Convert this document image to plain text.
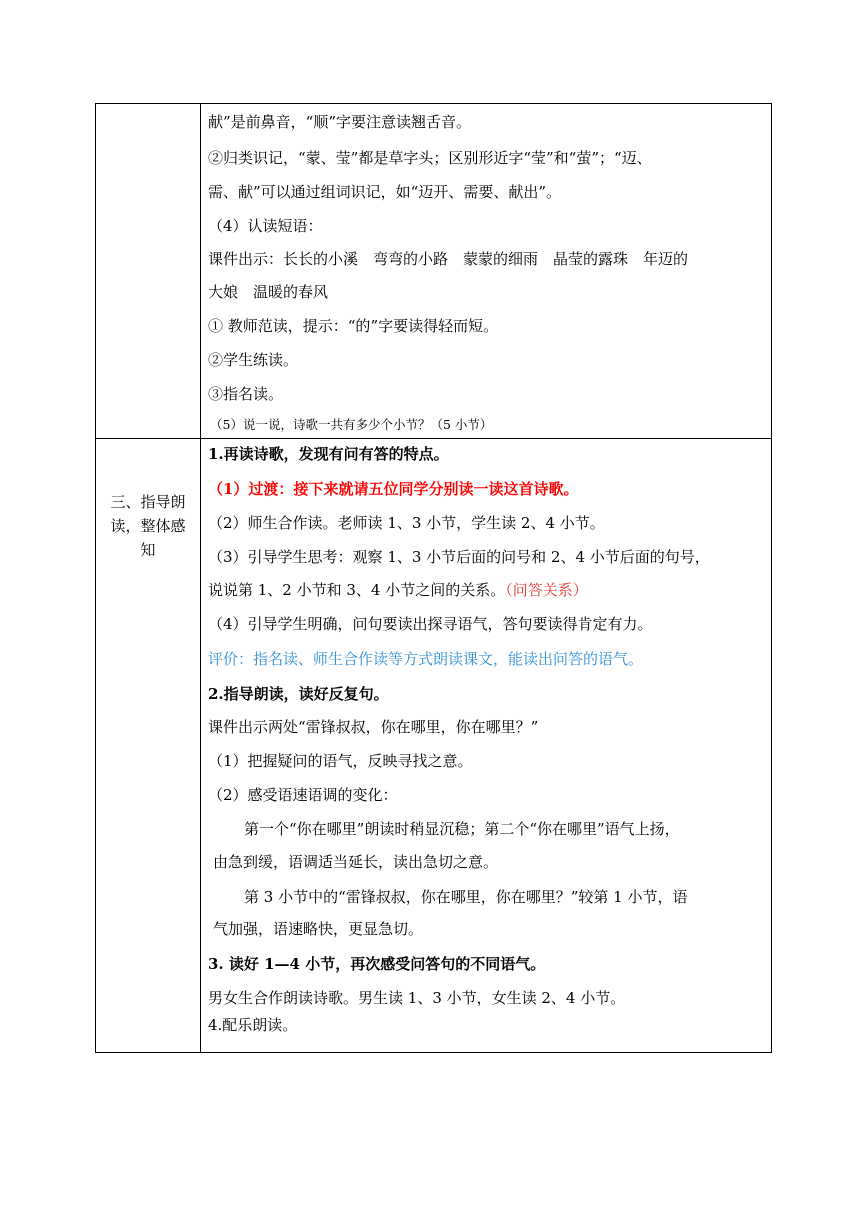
三、指导朗
读，整体感
知
献”是前鼻音，“顺”字要注意读翘舌音。
②归类识记，“蒙、莹”都是草字头；区别形近字“莹”和“萤”；“迈、
需、献”可以通过组词识记，如“迈开、需要、献出”。
（4）认读短语：
课件出示：长长的小溪　弯弯的小路　蒙蒙的细雨　晶莹的露珠　年迈的
大娘　温暖的春风
① 教师范读，提示：“的”字要读得轻而短。
②学生练读。
③指名读。
（5）说一说，诗歌一共有多少个小节？（5 小节）
1.再读诗歌，发现有问有答的特点。
（1）过渡：接下来就请五位同学分别读一读这首诗歌。
（2）师生合作读。老师读 1、3 小节，学生读 2、4 小节。
（3）引导学生思考：观察 1、3 小节后面的问号和 2、4 小节后面的句号，
说说第 1、2 小节和 3、4 小节之间的关系。（问答关系）
（4）引导学生明确，问句要读出探寻语气，答句要读得肯定有力。
评价：指名读、师生合作读等方式朗读课文，能读出问答的语气。
2.指导朗读，读好反复句。
课件出示两处“雷锋叔叔，你在哪里，你在哪里？”
（1）把握疑问的语气，反映寻找之意。
（2）感受语速语调的变化：
第一个“你在哪里”朗读时稍显沉稳；第二个“你在哪里”语气上扬，
由急到缓，语调适当延长，读出急切之意。
第 3 小节中的“雷锋叔叔，你在哪里，你在哪里？”较第 1 小节，语
气加强，语速略快，更显急切。
3. 读好 1—4 小节，再次感受问答句的不同语气。
男女生合作朗读诗歌。男生读 1、3 小节，女生读 2、4 小节。
4.配乐朗读。
